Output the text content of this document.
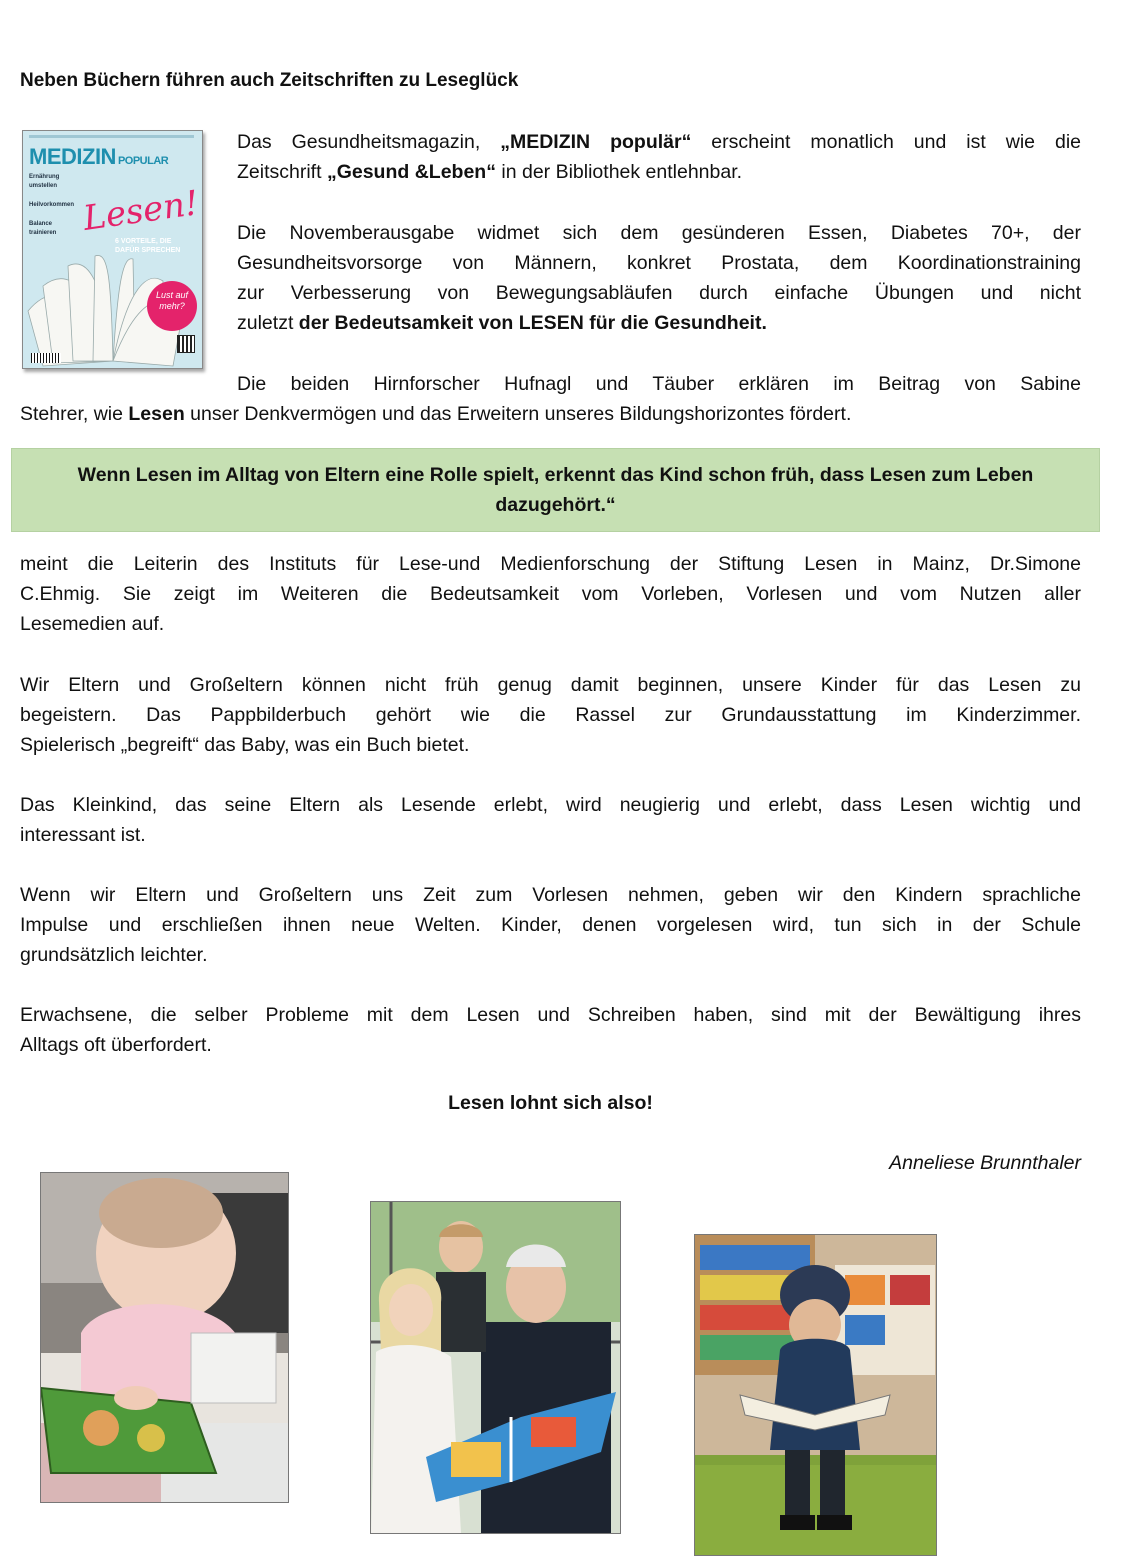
Neben Büchern führen auch Zeitschriften zu Leseglück
MEDIZIN POPULAR
Ernährung umstellen
Heilvorkommen
Balance trainieren Lesen!
6 VORTEILE, DIE
DAFÜR SPRECHEN
Lust auf
mehr?
Das Gesundheitsmagazin, „MEDIZIN populär“ erscheint monatlich und ist wie die
Zeitschrift „Gesund &Leben“ in der Bibliothek entlehnbar.
Die Novemberausgabe widmet sich dem gesünderen Essen, Diabetes 70+, der
Gesundheitsvorsorge von Männern, konkret Prostata, dem Koordinationstraining
zur Verbesserung von Bewegungsabläufen durch einfache Übungen und nicht
zuletzt der Bedeutsamkeit von LESEN für die Gesundheit.
Die beiden Hirnforscher Hufnagl und Täuber erklären im Beitrag von Sabine
Stehrer, wie Lesen unser Denkvermögen und das Erweitern unseres Bildungshorizontes fördert.
Wenn Lesen im Alltag von Eltern eine Rolle spielt, erkennt das Kind schon früh, dass Lesen zum Leben
dazugehört.“
meint die Leiterin des Instituts für Lese-und Medienforschung der Stiftung Lesen in Mainz, Dr.Simone
C.Ehmig. Sie zeigt im Weiteren die Bedeutsamkeit vom Vorleben, Vorlesen und vom Nutzen aller
Lesemedien auf.
Wir Eltern und Großeltern können nicht früh genug damit beginnen, unsere Kinder für das Lesen zu
begeistern. Das Pappbilderbuch gehört wie die Rassel zur Grundausstattung im Kinderzimmer.
Spielerisch „begreift“ das Baby, was ein Buch bietet.
Das Kleinkind, das seine Eltern als Lesende erlebt, wird neugierig und erlebt, dass Lesen wichtig und
interessant ist.
Wenn wir Eltern und Großeltern uns Zeit zum Vorlesen nehmen, geben wir den Kindern sprachliche
Impulse und erschließen ihnen neue Welten. Kinder, denen vorgelesen wird, tun sich in der Schule
grundsätzlich leichter.
Erwachsene, die selber Probleme mit dem Lesen und Schreiben haben, sind mit der Bewältigung ihres
Alltags oft überfordert.
Lesen lohnt sich also!
Anneliese Brunnthaler
